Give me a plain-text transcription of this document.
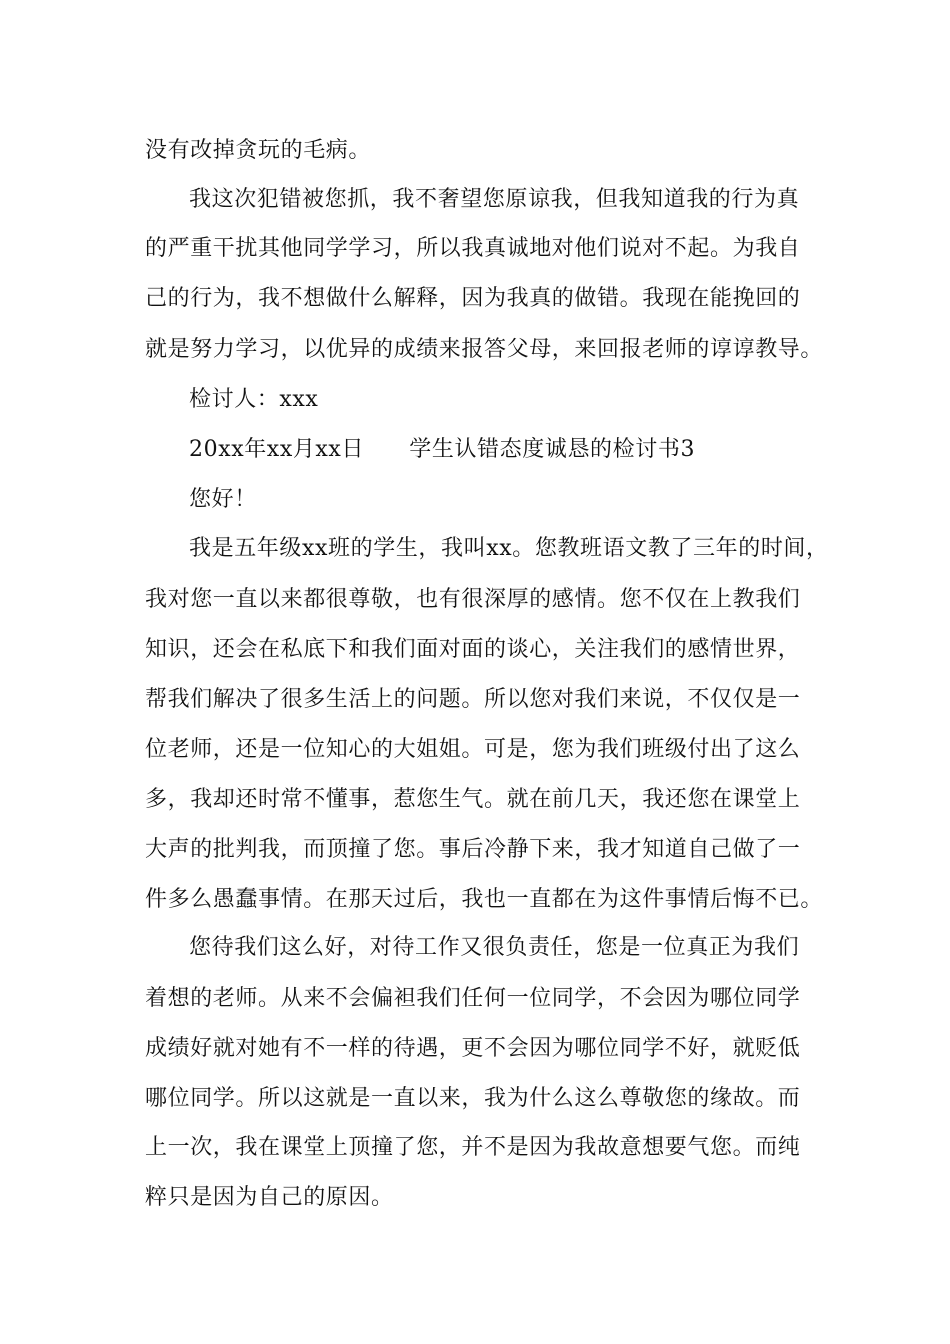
没有改掉贪玩的毛病。
我这次犯错被您抓，我不奢望您原谅我，但我知道我的行为真
的严重干扰其他同学学习，所以我真诚地对他们说对不起。为我自
己的行为，我不想做什么解释，因为我真的做错。我现在能挽回的
就是努力学习，以优异的成绩来报答父母，来回报老师的谆谆教导。
检讨人：xxx
20xx年xx月xx日　　学生认错态度诚恳的检讨书3
您好！
我是五年级xx班的学生，我叫xx。您教班语文教了三年的时间，
我对您一直以来都很尊敬，也有很深厚的感情。您不仅在上教我们
知识，还会在私底下和我们面对面的谈心，关注我们的感情世界，
帮我们解决了很多生活上的问题。所以您对我们来说，不仅仅是一
位老师，还是一位知心的大姐姐。可是，您为我们班级付出了这么
多，我却还时常不懂事，惹您生气。就在前几天，我还您在课堂上
大声的批判我，而顶撞了您。事后冷静下来，我才知道自己做了一
件多么愚蠢事情。在那天过后，我也一直都在为这件事情后悔不已。
您待我们这么好，对待工作又很负责任，您是一位真正为我们
着想的老师。从来不会偏袒我们任何一位同学，不会因为哪位同学
成绩好就对她有不一样的待遇，更不会因为哪位同学不好，就贬低
哪位同学。所以这就是一直以来，我为什么这么尊敬您的缘故。而
上一次，我在课堂上顶撞了您，并不是因为我故意想要气您。而纯
粹只是因为自己的原因。
